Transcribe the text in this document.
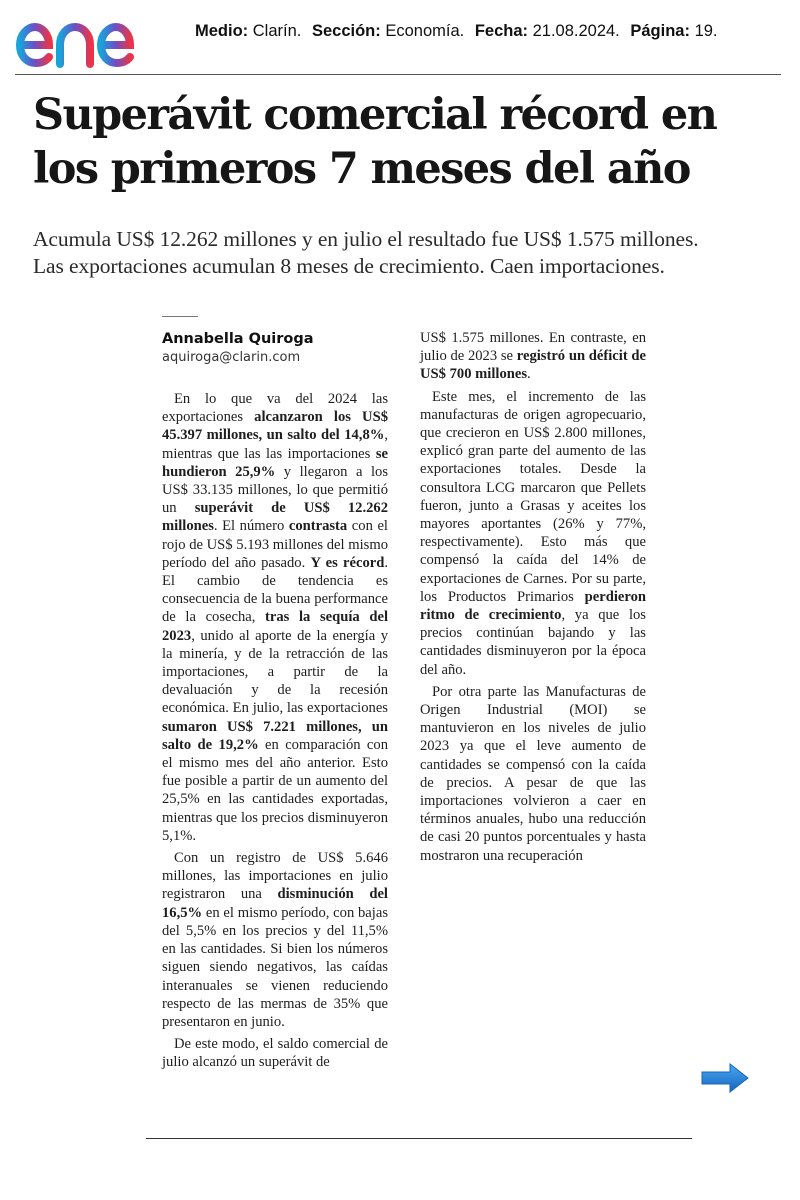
Medio: Clarín. Sección: Economía. Fecha: 21.08.2024. Página: 19.
Superávit comercial récord en
los primeros 7 meses del año
Acumula US$ 12.262 millones y en julio el resultado fue US$ 1.575 millones.
Las exportaciones acumulan 8 meses de crecimiento. Caen importaciones.
Annabella Quiroga
aquiroga@clarin.com

En lo que va del 2024 las exportaciones alcanzaron los US$ 45.397 millones, un salto del 14,8%, mientras que las las importaciones se hundieron 25,9% y llegaron a los US$ 33.135 millones, lo que permitió un superávit de US$ 12.262 millones. El número contrasta con el rojo de US$ 5.193 millones del mismo período del año pasado. Y es récord. El cambio de tendencia es consecuencia de la buena performance de la cosecha, tras la sequía del 2023, unido al aporte de la energía y la minería, y de la retracción de las importaciones, a partir de la devaluación y de la recesión económica. En julio, las exportaciones sumaron US$ 7.221 millones, un salto de 19,2% en comparación con el mismo mes del año anterior. Esto fue posible a partir de un aumento del 25,5% en las cantidades exportadas, mientras que los precios disminuyeron 5,1%.

Con un registro de US$ 5.646 millones, las importaciones en julio registraron una disminución del 16,5% en el mismo período, con bajas del 5,5% en los precios y del 11,5% en las cantidades. Si bien los números siguen siendo negativos, las caídas interanuales se vienen reduciendo respecto de las mermas de 35% que presentaron en junio.

De este modo, el saldo comercial de julio alcanzó un superávit de

US$ 1.575 millones. En contraste, en julio de 2023 se registró un déficit de US$ 700 millones.

Este mes, el incremento de las manufacturas de origen agropecuario, que crecieron en US$ 2.800 millones, explicó gran parte del aumento de las exportaciones totales. Desde la consultora LCG marcaron que Pellets fueron, junto a Grasas y aceites los mayores aportantes (26% y 77%, respectivamente). Esto más que compensó la caída del 14% de exportaciones de Carnes. Por su parte, los Productos Primarios perdieron ritmo de crecimiento, ya que los precios continúan bajando y las cantidades disminuyeron por la época del año.

Por otra parte las Manufacturas de Origen Industrial (MOI) se mantuvieron en los niveles de julio 2023 ya que el leve aumento de cantidades se compensó con la caída de precios. A pesar de que las importaciones volvieron a caer en términos anuales, hubo una reducción de casi 20 puntos porcentuales y hasta mostraron una recuperación
